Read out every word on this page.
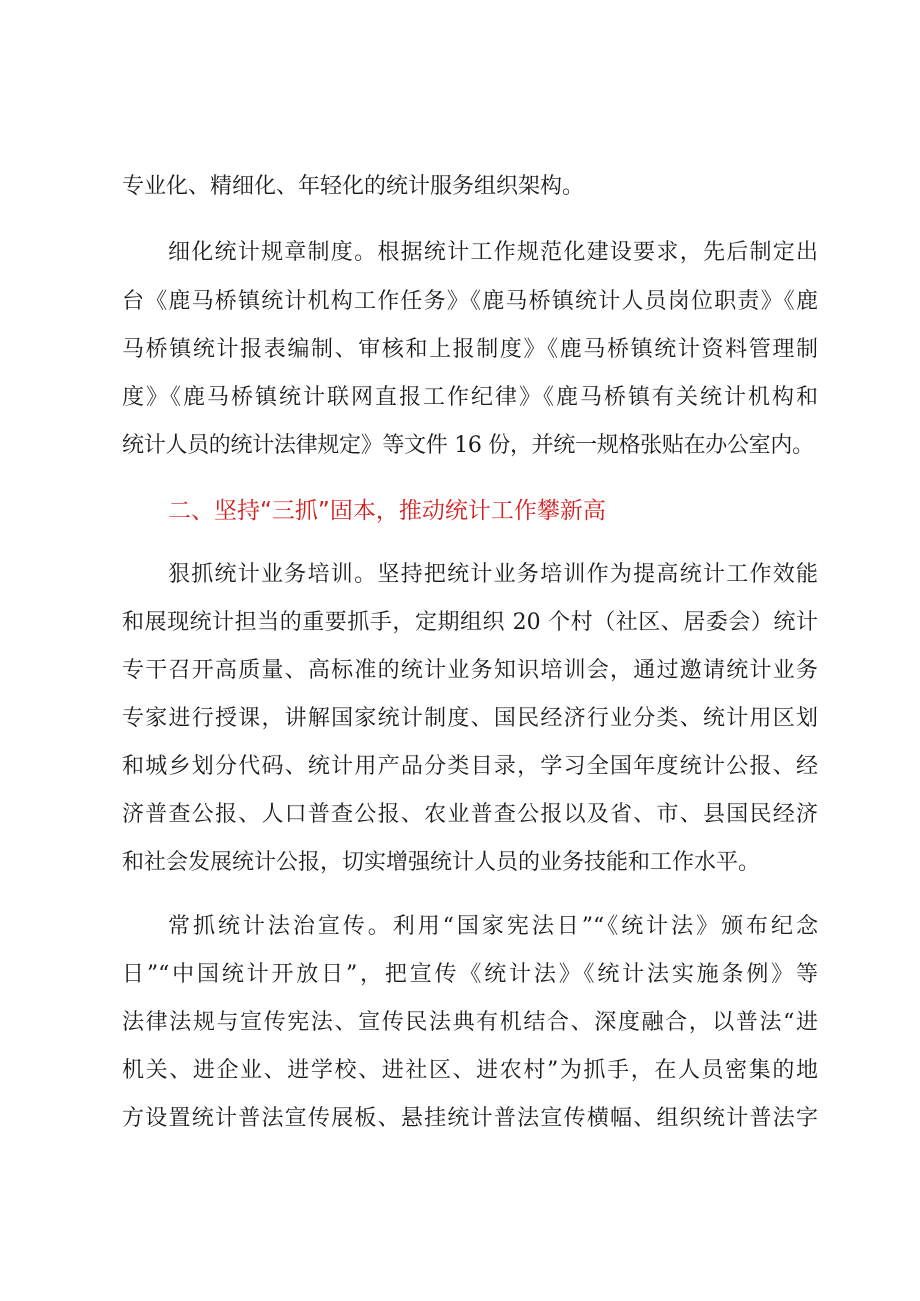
专业化、精细化、年轻化的统计服务组织架构。
细化统计规章制度。根据统计工作规范化建设要求，先后制定出
台《鹿马桥镇统计机构工作任务》《鹿马桥镇统计人员岗位职责》《鹿
马桥镇统计报表编制、审核和上报制度》《鹿马桥镇统计资料管理制
度》《鹿马桥镇统计联网直报工作纪律》《鹿马桥镇有关统计机构和
统计人员的统计法律规定》等文件 16 份，并统一规格张贴在办公室内。
二、坚持“三抓”固本，推动统计工作攀新高
狠抓统计业务培训。坚持把统计业务培训作为提高统计工作效能
和展现统计担当的重要抓手，定期组织 20 个村（社区、居委会）统计
专干召开高质量、高标准的统计业务知识培训会，通过邀请统计业务
专家进行授课，讲解国家统计制度、国民经济行业分类、统计用区划
和城乡划分代码、统计用产品分类目录，学习全国年度统计公报、经
济普查公报、人口普查公报、农业普查公报以及省、市、县国民经济
和社会发展统计公报，切实增强统计人员的业务技能和工作水平。
常抓统计法治宣传。利用“国家宪法日”“《统计法》颁布纪念
日”“中国统计开放日”，把宣传《统计法》《统计法实施条例》等
法律法规与宣传宪法、宣传民法典有机结合、深度融合，以普法“进
机关、进企业、进学校、进社区、进农村”为抓手，在人员密集的地
方设置统计普法宣传展板、悬挂统计普法宣传横幅、组织统计普法字
